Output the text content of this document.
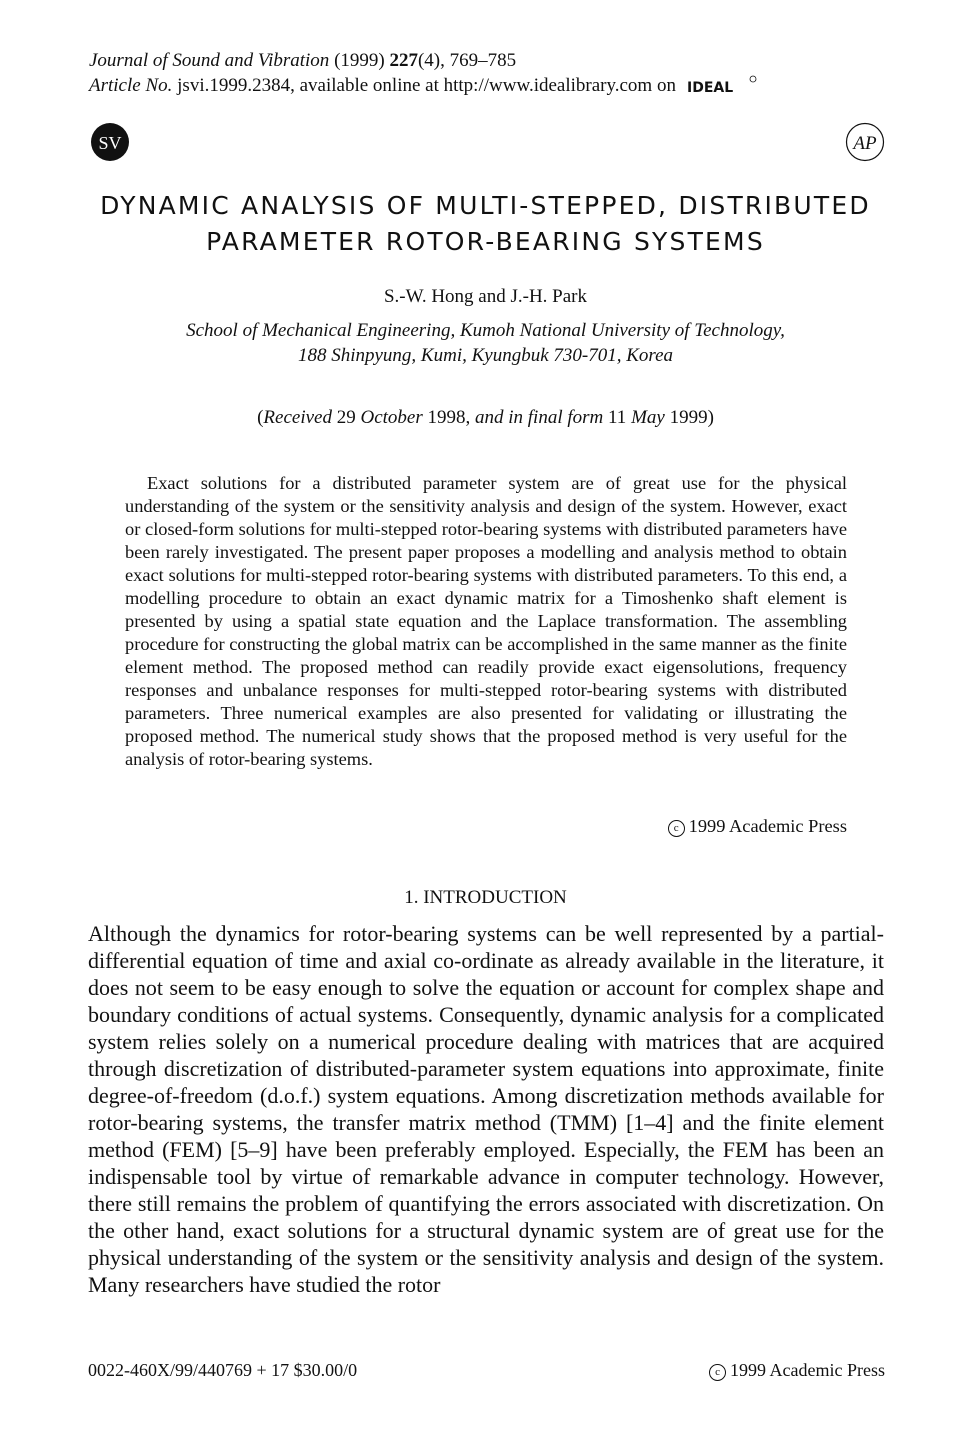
Journal of Sound and Vibration (1999) 227(4), 769–785
Article No. jsvi.1999.2384, available online at http://www.idealibrary.com on IDEAL
SV	AP
DYNAMIC ANALYSIS OF MULTI-STEPPED, DISTRIBUTED
PARAMETER ROTOR-BEARING SYSTEMS
S.-W. Hong and J.-H. Park
School of Mechanical Engineering, Kumoh National University of Technology,
188 Shinpyung, Kumi, Kyungbuk 730-701, Korea
(Received 29 October 1998, and in final form 11 May 1999)
Exact solutions for a distributed parameter system are of great use for the physical understanding of the system or the sensitivity analysis and design of the system. However, exact or closed-form solutions for multi-stepped rotor-bearing systems with distributed parameters have been rarely investigated. The present paper proposes a modelling and analysis method to obtain exact solutions for multi-stepped rotor-bearing systems with distributed parameters. To this end, a modelling procedure to obtain an exact dynamic matrix for a Timoshenko shaft element is presented by using a spatial state equation and the Laplace transformation. The assembling procedure for constructing the global matrix can be accomplished in the same manner as the finite element method. The proposed method can readily provide exact eigensolutions, frequency responses and unbalance responses for multi-stepped rotor-bearing systems with distributed parameters. Three numerical examples are also presented for validating or illustrating the proposed method. The numerical study shows that the proposed method is very useful for the analysis of rotor-bearing systems.
c 1999 Academic Press
1. INTRODUCTION
Although the dynamics for rotor-bearing systems can be well represented by a partial-differential equation of time and axial co-ordinate as already available in the literature, it does not seem to be easy enough to solve the equation or account for complex shape and boundary conditions of actual systems. Consequently, dynamic analysis for a complicated system relies solely on a numerical procedure dealing with matrices that are acquired through discretization of distributed-parameter system equations into approximate, finite degree-of-freedom (d.o.f.) system equations. Among discretization methods available for rotor-bearing systems, the transfer matrix method (TMM) [1–4] and the finite element method (FEM) [5–9] have been preferably employed. Especially, the FEM has been an indispensable tool by virtue of remarkable advance in computer technology. However, there still remains the problem of quantifying the errors associated with discretization. On the other hand, exact solutions for a structural dynamic system are of great use for the physical understanding of the system or the sensitivity analysis and design of the system. Many researchers have studied the rotor
0022-460X/99/440769 + 17 $30.00/0	c 1999 Academic Press
